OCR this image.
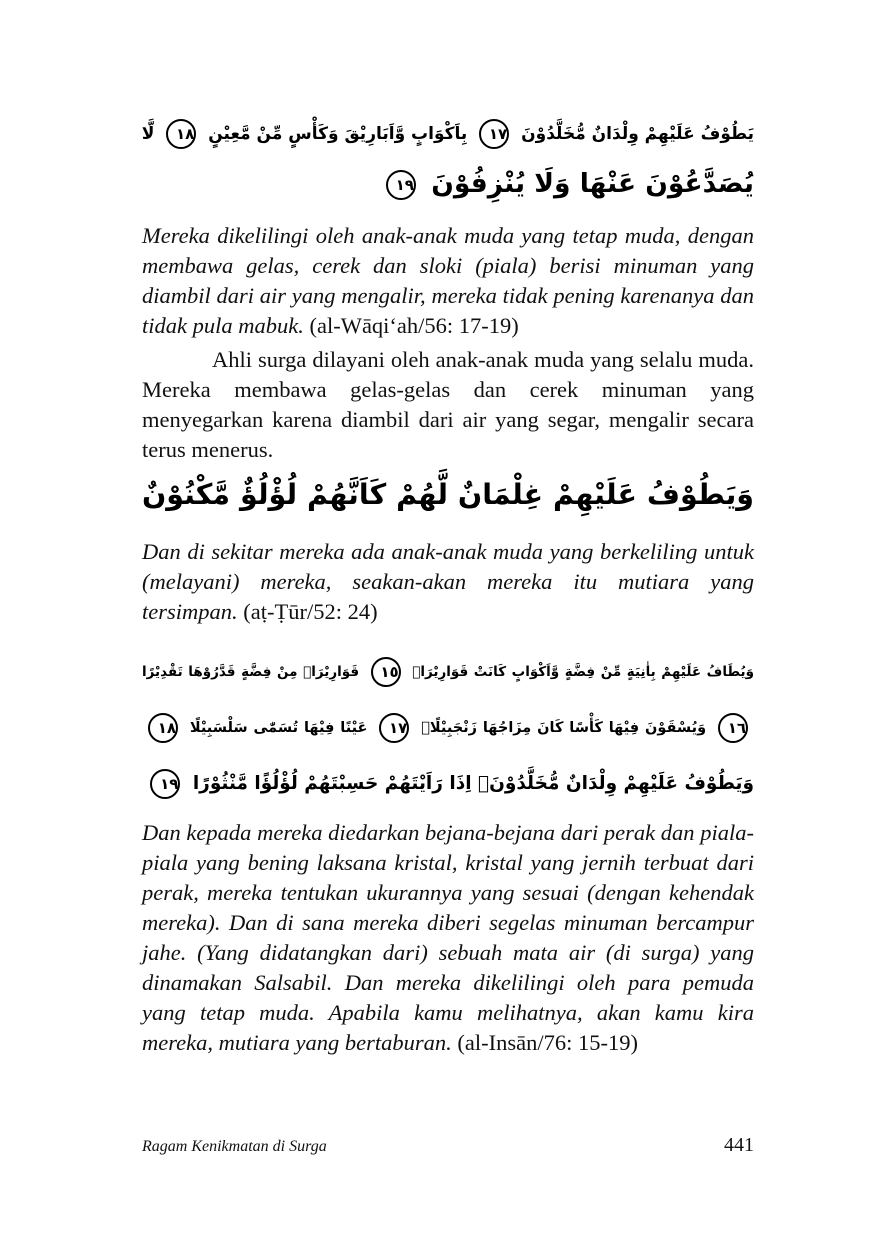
يَطُوْفُ عَلَيْهِمْ وِلْدَانٌ مُّخَلَّدُوْنَ ١٧ بِاَكْوَابٍ وَّاَبَارِيْقَ وَكَأْسٍ مِّنْ مَّعِيْنٍ ١٨ لَّا
يُصَدَّعُوْنَ عَنْهَا وَلَا يُنْزِفُوْنَ ١٩
Mereka dikelilingi oleh anak-anak muda yang tetap muda, dengan membawa gelas, cerek dan sloki (piala) berisi minuman yang diambil dari air yang mengalir, mereka tidak pening karenanya dan tidak pula mabuk. (al-Wāqi‘ah/56: 17-19)
Ahli surga dilayani oleh anak-anak muda yang selalu muda. Mereka membawa gelas-gelas dan cerek minuman yang menyegarkan karena diambil dari air yang segar, mengalir secara terus menerus.
وَيَطُوْفُ عَلَيْهِمْ غِلْمَانٌ لَّهُمْ كَاَنَّهُمْ لُؤْلُؤٌ مَّكْنُوْنٌ
Dan di sekitar mereka ada anak-anak muda yang berkeliling untuk (melayani) mereka, seakan-akan mereka itu mutiara yang tersimpan. (aṭ-Ṭūr/52: 24)
وَيُطَافُ عَلَيْهِمْ بِاٰنِيَةٍ مِّنْ فِضَّةٍ وَّاَكْوَابٍ كَانَتْ قَوَارِيْرَا۠ ١٥ قَوَارِيْرَا۠ مِنْ فِضَّةٍ قَدَّرُوْهَا تَقْدِيْرًا
١٦ وَيُسْقَوْنَ فِيْهَا كَأْسًا كَانَ مِزَاجُهَا زَنْجَبِيْلًاۚ ١٧ عَيْنًا فِيْهَا تُسَمّٰى سَلْسَبِيْلًا ١٨
وَيَطُوْفُ عَلَيْهِمْ وِلْدَانٌ مُّخَلَّدُوْنَۚ اِذَا رَاَيْتَهُمْ حَسِبْتَهُمْ لُؤْلُؤًا مَّنْثُوْرًا ١٩
Dan kepada mereka diedarkan bejana-bejana dari perak dan piala-piala yang bening laksana kristal, kristal yang jernih terbuat dari perak, mereka tentukan ukurannya yang sesuai (dengan kehendak mereka). Dan di sana mereka diberi segelas minuman bercampur jahe. (Yang didatangkan dari) sebuah mata air (di surga) yang dinamakan Salsabil. Dan mereka dikelilingi oleh para pemuda yang tetap muda. Apabila kamu melihatnya, akan kamu kira mereka, mutiara yang bertaburan. (al-Insān/76: 15-19)
Ragam Kenikmatan di Surga	441
